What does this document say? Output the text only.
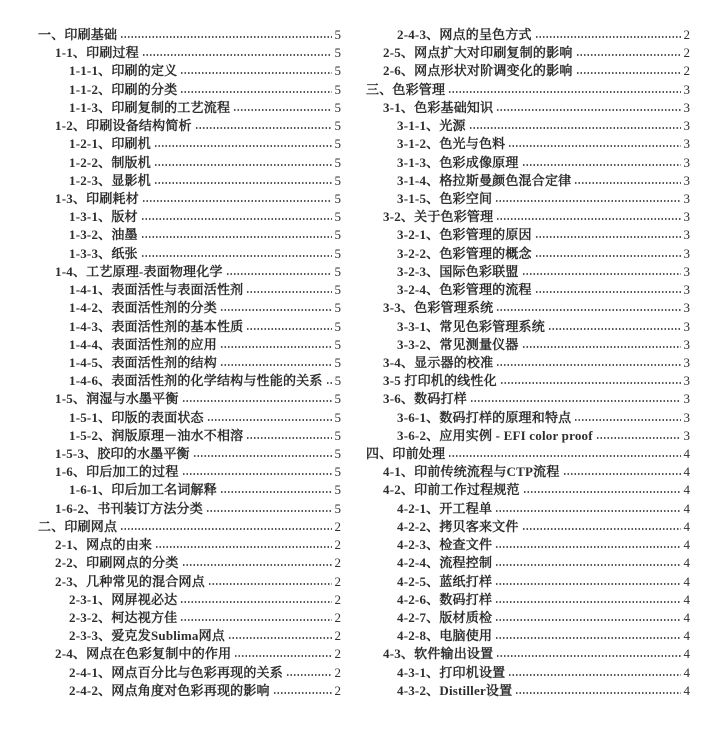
一、印刷基础	5
1-1、印刷过程	5
1-1-1、印刷的定义	5
1-1-2、印刷的分类	5
1-1-3、印刷复制的工艺流程	5
1-2、印刷设备结构简析	5
1-2-1、印刷机	5
1-2-2、制版机	5
1-2-3、显影机	5
1-3、印刷耗材	5
1-3-1、版材	5
1-3-2、油墨	5
1-3-3、纸张	5
1-4、工艺原理-表面物理化学	5
1-4-1、表面活性与表面活性剂	5
1-4-2、表面活性剂的分类	5
1-4-3、表面活性剂的基本性质	5
1-4-4、表面活性剂的应用	5
1-4-5、表面活性剂的结构	5
1-4-6、表面活性剂的化学结构与性能的关系 5
1-5、润湿与水墨平衡	5
1-5-1、印版的表面状态	5
1-5-2、润版原理－油水不相溶	5
1-5-3、胶印的水墨平衡	5
1-6、印后加工的过程	5
1-6-1、印后加工名词解释	5
1-6-2、书刊装订方法分类	5
二、印刷网点	2
2-1、网点的由来	2
2-2、印刷网点的分类	2
2-3、几种常见的混合网点	2
2-3-1、网屏视必达	2
2-3-2、柯达视方佳	2
2-3-3、爱克发Sublima网点	2
2-4、网点在色彩复制中的作用	2
2-4-1、网点百分比与色彩再现的关系	2
2-4-2、网点角度对色彩再现的影响	2
2-4-3、网点的呈色方式	2
2-5、网点扩大对印刷复制的影响	2
2-6、网点形状对阶调变化的影响	2
三、色彩管理	3
3-1、色彩基础知识	3
3-1-1、光源	3
3-1-2、色光与色料	3
3-1-3、色彩成像原理	3
3-1-4、格拉斯曼颜色混合定律	3
3-1-5、色彩空间	3
3-2、关于色彩管理	3
3-2-1、色彩管理的原因	3
3-2-2、色彩管理的概念	3
3-2-3、国际色彩联盟	3
3-2-4、色彩管理的流程	3
3-3、色彩管理系统	3
3-3-1、常见色彩管理系统	3
3-3-2、常见测量仪器	3
3-4、显示器的校准	3
3-5 打印机的线性化	3
3-6、数码打样	3
3-6-1、数码打样的原理和特点	3
3-6-2、应用实例 - EFI color proof	3
四、印前处理	4
4-1、印前传统流程与CTP流程	4
4-2、印前工作过程规范	4
4-2-1、开工程单	4
4-2-2、拷贝客来文件	4
4-2-3、检查文件	4
4-2-4、流程控制	4
4-2-5、蓝纸打样	4
4-2-6、数码打样	4
4-2-7、版材质检	4
4-2-8、电脑使用	4
4-3、软件输出设置	4
4-3-1、打印机设置	4
4-3-2、Distiller设置	4
